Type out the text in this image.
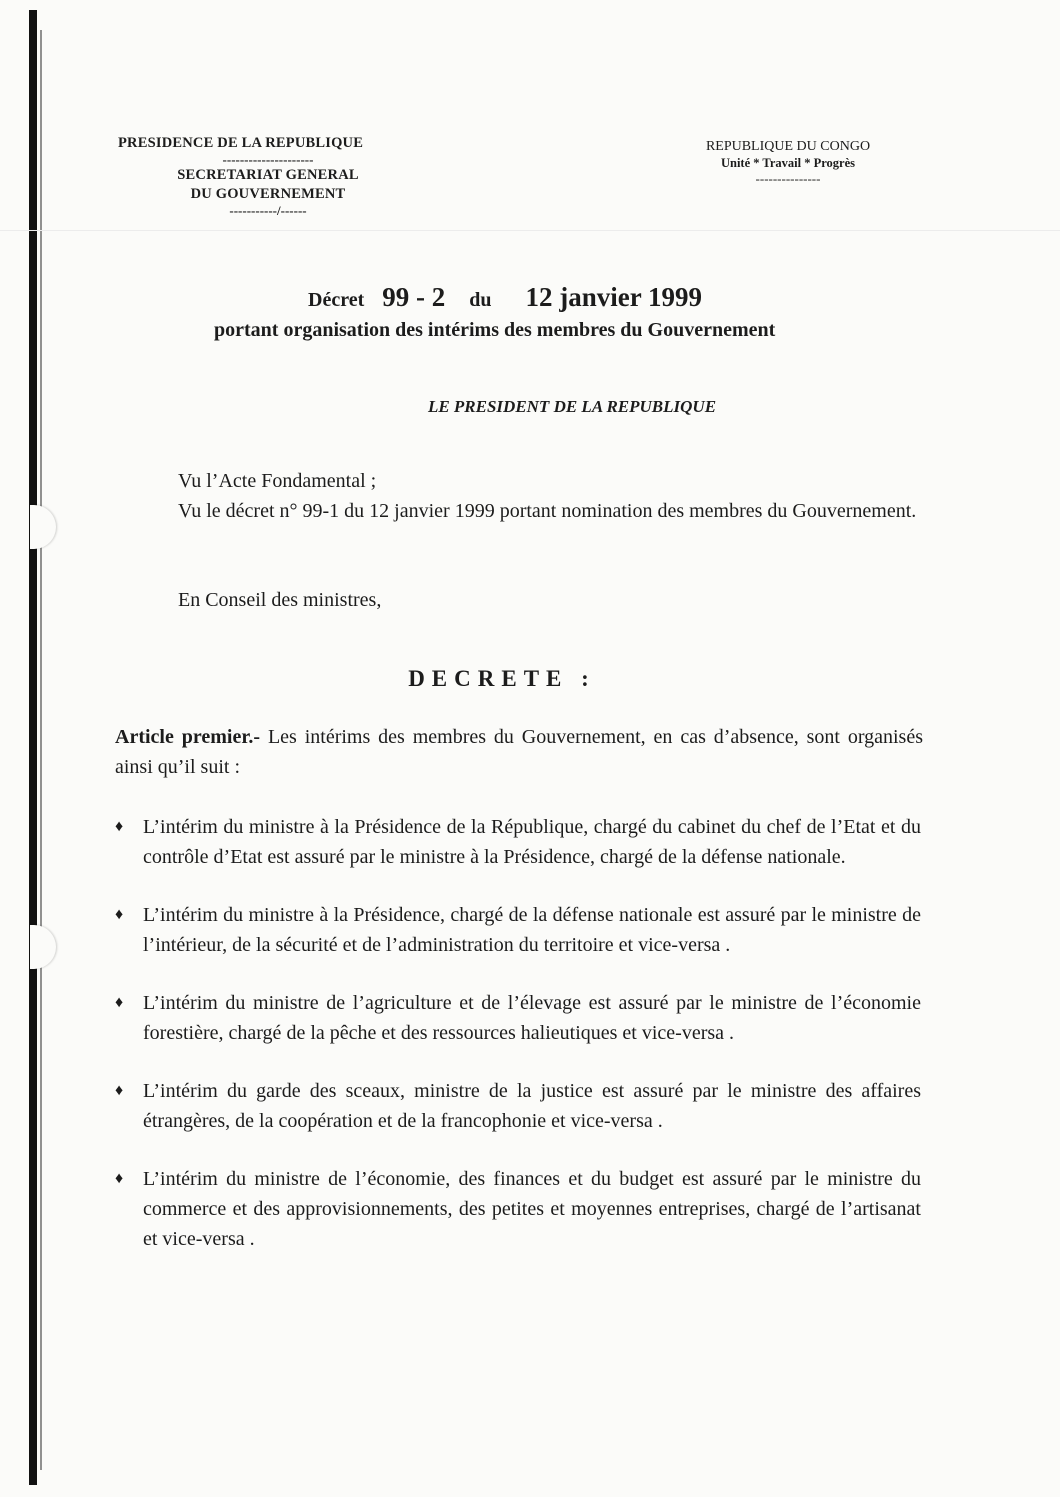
PRESIDENCE DE LA REPUBLIQUE
---------------------
SECRETARIAT GENERAL
DU GOUVERNEMENT
-----------/------
REPUBLIQUE DU CONGO
Unité * Travail * Progrès
---------------
Décret 99 - 2 du 12 janvier 1999
portant organisation des intérims des membres du Gouvernement
LE PRESIDENT DE LA REPUBLIQUE
Vu l’Acte Fondamental ;
Vu le décret n° 99-1 du 12 janvier 1999 portant nomination des membres du Gouvernement.
En Conseil des ministres,
DECRETE :
Article premier.- Les intérims des membres du Gouvernement, en cas d’absence, sont organisés ainsi qu’il suit :
♦ L’intérim du ministre à la Présidence de la République, chargé du cabinet du chef de l’Etat et du contrôle d’Etat est assuré par le ministre à la Présidence, chargé de la défense nationale.
♦ L’intérim du ministre à la Présidence, chargé de la défense nationale est assuré par le ministre de l’intérieur, de la sécurité et de l’administration du territoire et vice-versa .
♦ L’intérim du ministre de l’agriculture et de l’élevage est assuré par le ministre de l’économie forestière, chargé de la pêche et des ressources halieutiques et vice-versa .
♦ L’intérim du garde des sceaux, ministre de la justice est assuré par le ministre des affaires étrangères, de la coopération et de la francophonie et vice-versa .
♦ L’intérim du ministre de l’économie, des finances et du budget est assuré par le ministre du commerce et des approvisionnements, des petites et moyennes entreprises, chargé de l’artisanat et vice-versa .
